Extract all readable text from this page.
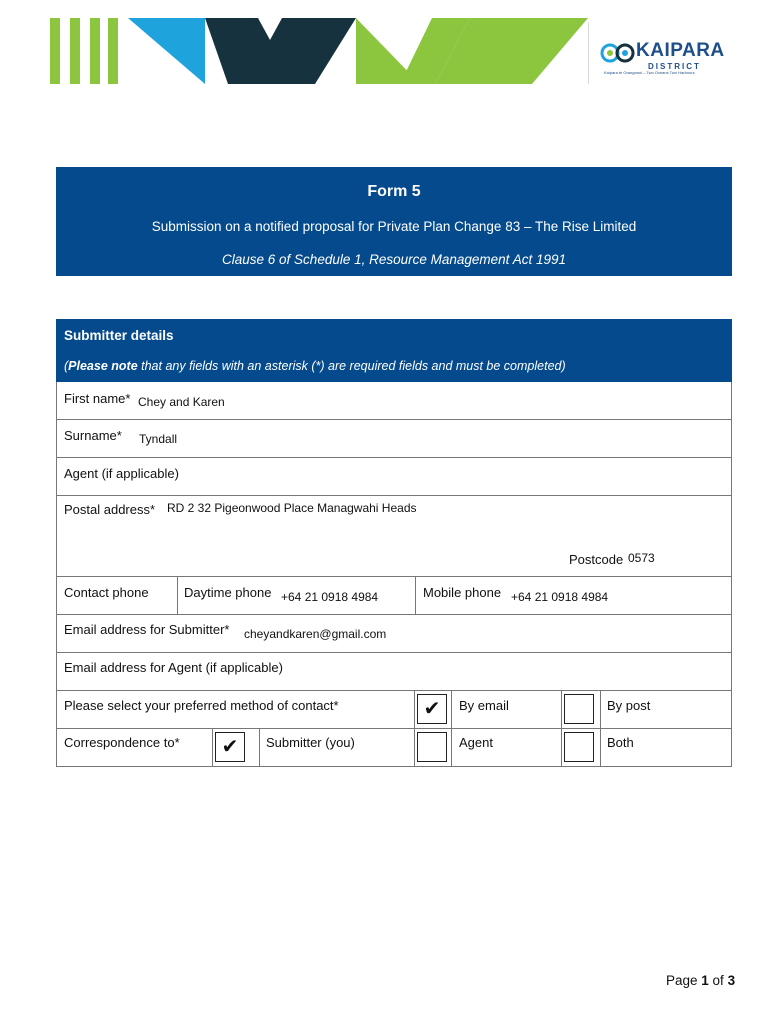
KAIPARA
DISTRICT
Kaipara te Oranganui – Two Oceans Two Harbours
Form 5
Submission on a notified proposal for Private Plan Change 83 – The Rise Limited
Clause 6 of Schedule 1, Resource Management Act 1991
Submitter details
(Please note that any fields with an asterisk (*) are required fields and must be completed)
First name* Chey and Karen
Surname* Tyndall
Agent (if applicable)
Postal address* RD 2 32 Pigeonwood Place Managwahi Heads
Postcode 0573
Contact phone	Daytime phone +64 21 0918 4984	Mobile phone +64 21 0918 4984
Email address for Submitter* cheyandkaren@gmail.com
Email address for Agent (if applicable)
Please select your preferred method of contact*	✔	By email	By post
Correspondence to*	✔	Submitter (you)	Agent	Both
Page 1 of 3
